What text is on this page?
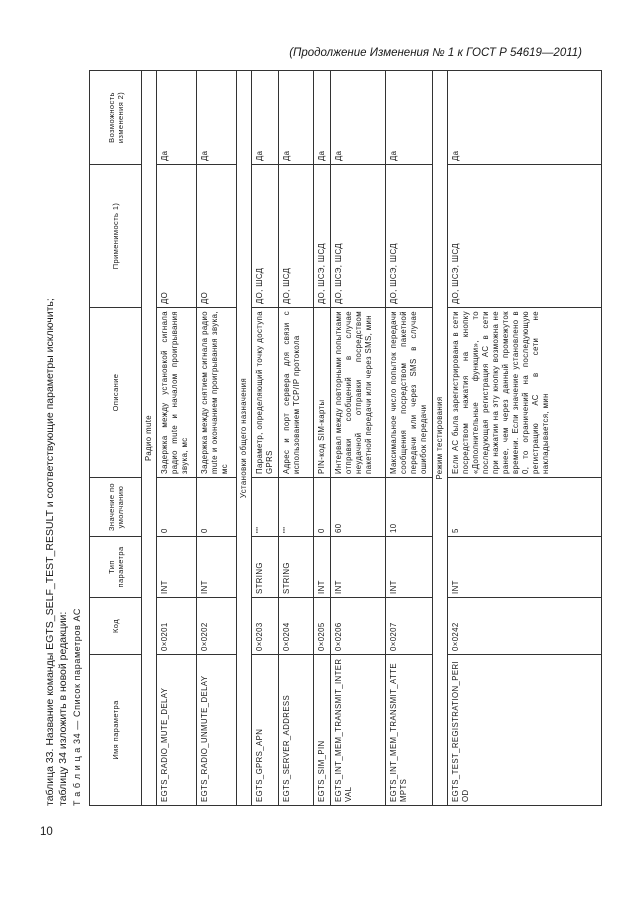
(Продолжение Изменения № 1 к ГОСТ Р 54619—2011)
10

таблица 33. Название команды EGTS_SELF_TEST_RESULT и соответствующие параметры исключить; таблицу 34 изложить в новой редакции: Т а б л и ц а 34 — Список параметров АС	Имя параметра	Код	Тип параметра	Значение по умолчанию	Описание	Применимость 1)	Возможность изменения 2)
Радио mute						
EGTS_RADIO_MUTE_DELAY	0×0201	INT	0	Задержка между установкой сигнала радио mute и началом проигрывания звука, мс	ДО	Да
EGTS_RADIO_UNMUTE_DELAY	0×0202	INT	0	Задержка между снятием сигнала радио mute и окончанием проигрывания звука, мс	ДО	Да
Установки общего назначения						
EGTS_GPRS_APN	0×0203	STRING	""	Параметр, определяющий точку доступа GPRS	ДО, ШСД	Да
EGTS_SERVER_ADDRESS	0×0204	STRING	""	Адрес и порт сервера для связи с использованием TCP/IP протокола	ДО, ШСД	Да
EGTS_SIM_PIN	0×0205	INT	0	PIN-код SIM-карты	ДО, ШСЭ, ШСД	Да
EGTS_INT_MEM_TRANSMIT_INTERVAL	0×0206	INT	60	Интервал между повторными попытками отправки сообщений в случае неудачной отправки посредством пакетной передачи или через SMS, мин	ДО, ШСЭ, ШСД	Да
EGTS_INT_MEM_TRANSMIT_ATTEMPTS	0×0207	INT	10	Максимальное число попыток передачи сообщения посредством пакетной передачи или через SMS в случае ошибок передачи	ДО, ШСЭ, ШСД	Да
Режим тестирования						
EGTS_TEST_REGISTRATION_PERIOD	0×0242	INT	5	Если АС была зарегистрирована в сети посредством нажатия на кнопку «Дополнительные функции», то последующая регистрация АС в сети при нажатии на эту кнопку возможна не ранее, чем через данный промежуток времени. Если значение установлено в 0, то ограничений на последующую регистрацию АС в сети не накладывается, мин	ДО, ШСЭ, ШСД	Да
